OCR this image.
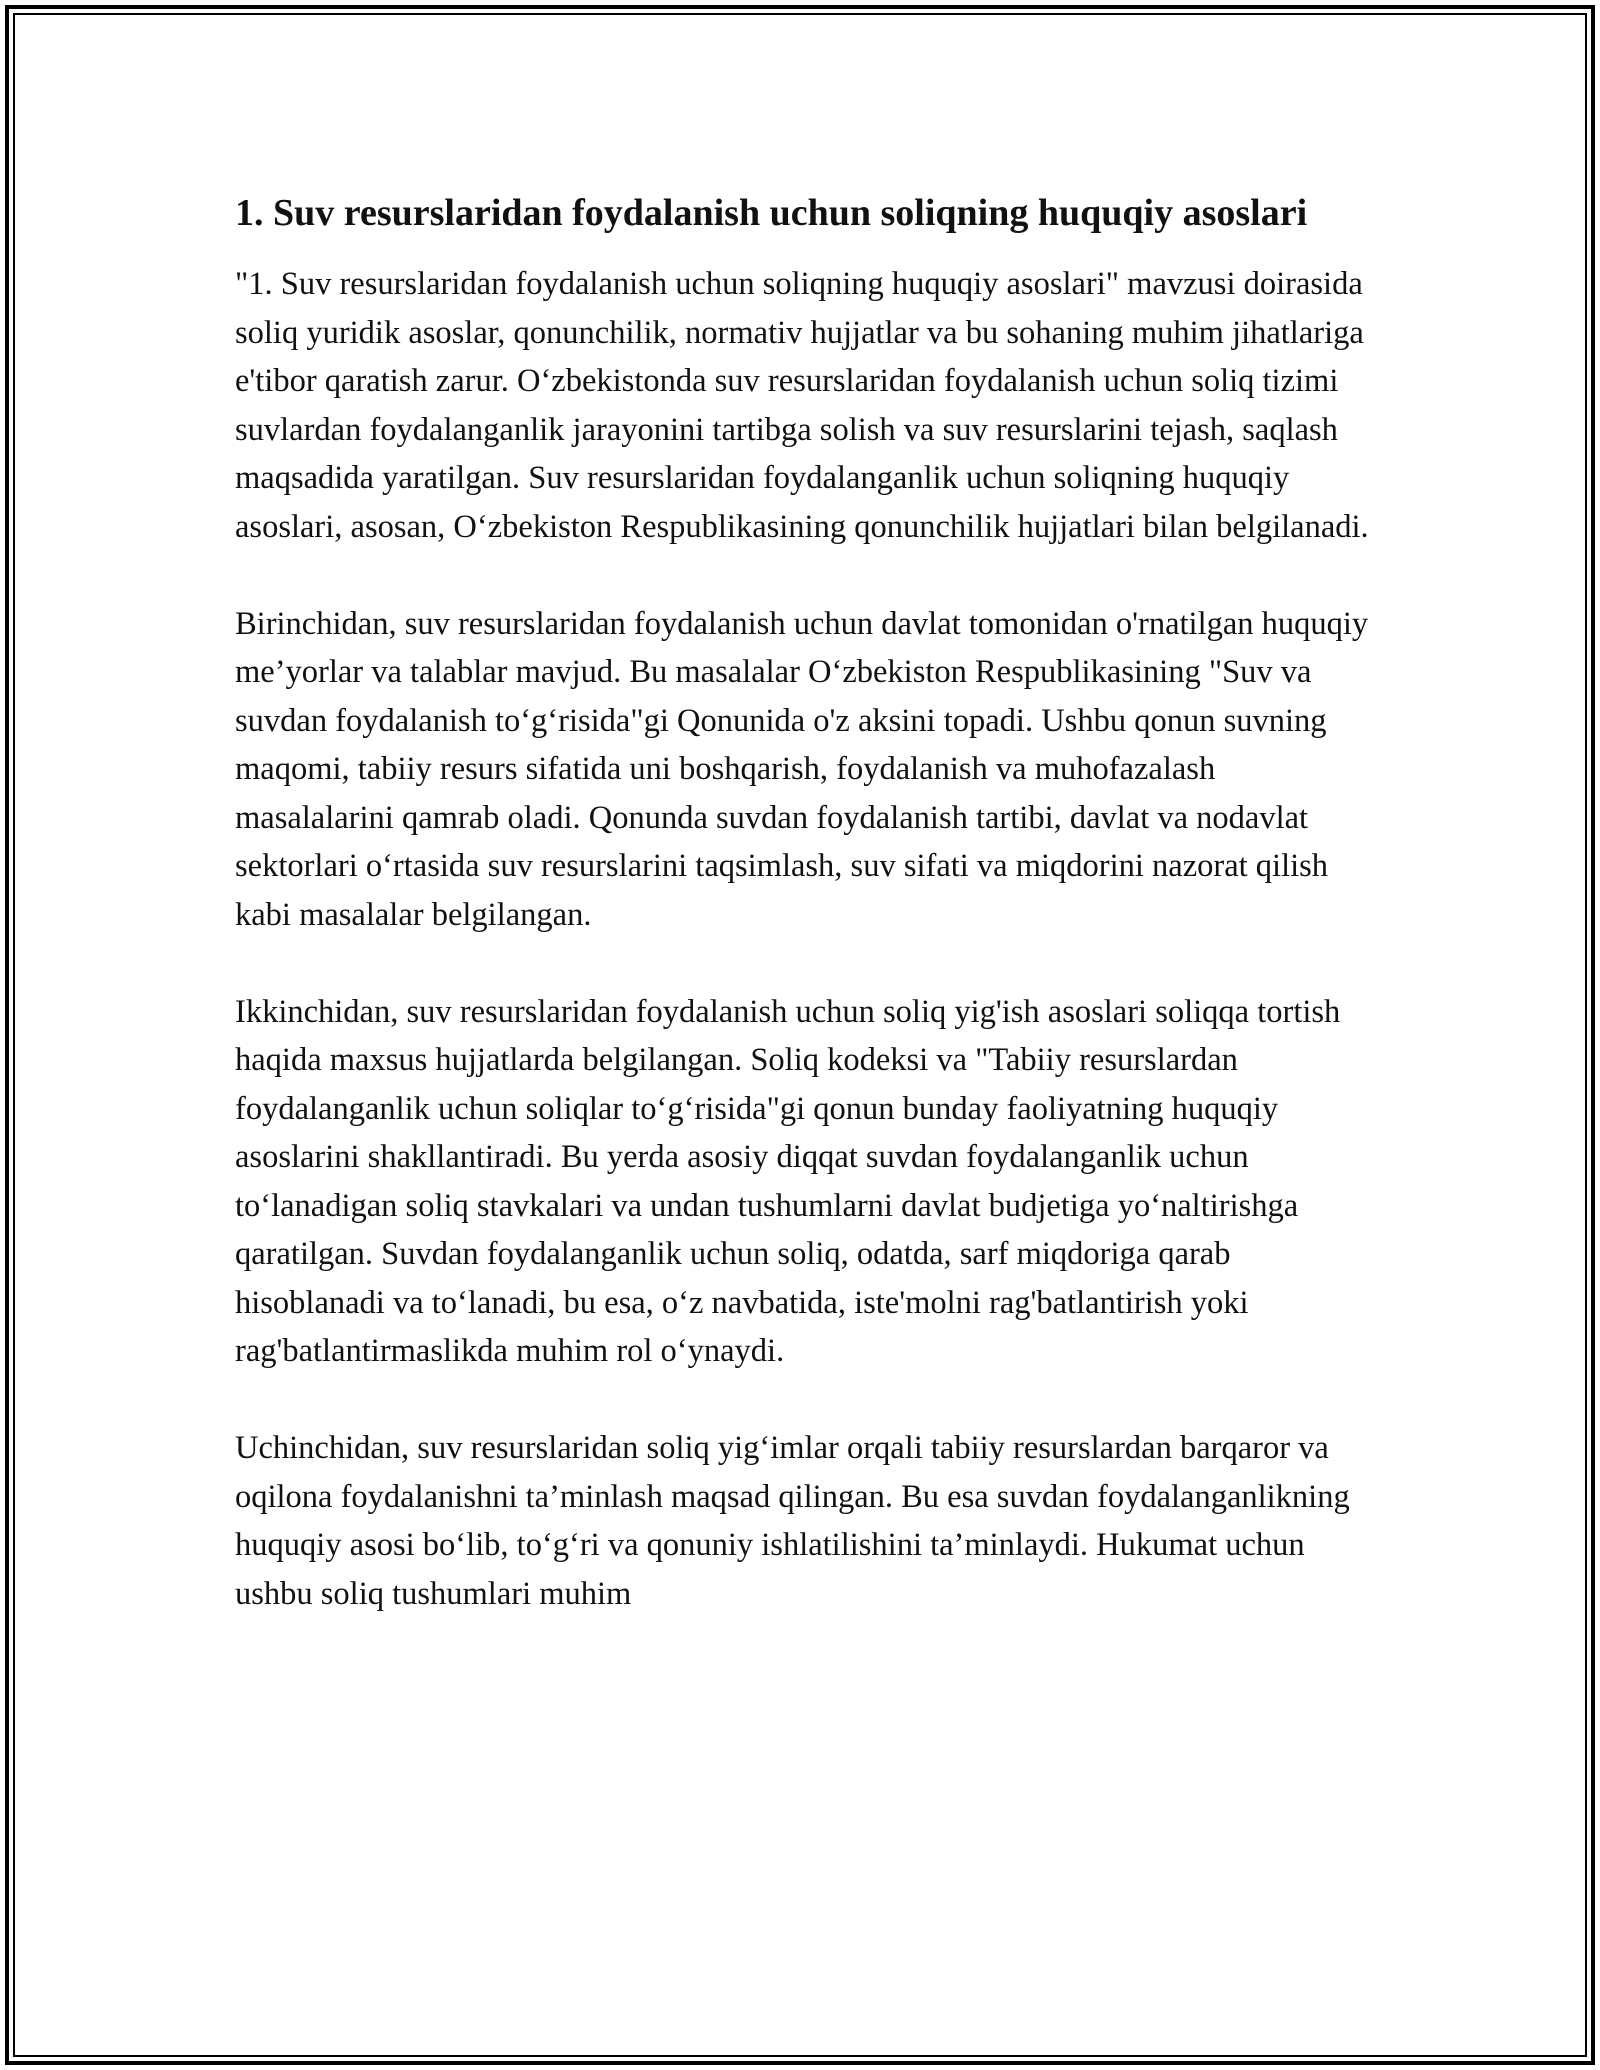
1. Suv resurslaridan foydalanish uchun soliqning huquqiy asoslari

"1. Suv resurslaridan foydalanish uchun soliqning huquqiy asoslari" mavzusi doirasida soliq yuridik asoslar, qonunchilik, normativ hujjatlar va bu sohaning muhim jihatlariga e'tibor qaratish zarur. O‘zbekistonda suv resurslaridan foydalanish uchun soliq tizimi suvlardan foydalanganlik jarayonini tartibga solish va suv resurslarini tejash, saqlash maqsadida yaratilgan. Suv resurslaridan foydalanganlik uchun soliqning huquqiy asoslari, asosan, O‘zbekiston Respublikasining qonunchilik hujjatlari bilan belgilanadi.

Birinchidan, suv resurslaridan foydalanish uchun davlat tomonidan o'rnatilgan huquqiy me’yorlar va talablar mavjud. Bu masalalar O‘zbekiston Respublikasining "Suv va suvdan foydalanish to‘g‘risida"gi Qonunida o'z aksini topadi. Ushbu qonun suvning maqomi, tabiiy resurs sifatida uni boshqarish, foydalanish va muhofazalash masalalarini qamrab oladi. Qonunda suvdan foydalanish tartibi, davlat va nodavlat sektorlari o‘rtasida suv resurslarini taqsimlash, suv sifati va miqdorini nazorat qilish kabi masalalar belgilangan.

Ikkinchidan, suv resurslaridan foydalanish uchun soliq yig'ish asoslari soliqqa tortish haqida maxsus hujjatlarda belgilangan. Soliq kodeksi va "Tabiiy resurslardan foydalanganlik uchun soliqlar to‘g‘risida"gi qonun bunday faoliyatning huquqiy asoslarini shakllantiradi. Bu yerda asosiy diqqat suvdan foydalanganlik uchun to‘lanadigan soliq stavkalari va undan tushumlarni davlat budjetiga yo‘naltirishga qaratilgan. Suvdan foydalanganlik uchun soliq, odatda, sarf miqdoriga qarab hisoblanadi va to‘lanadi, bu esa, o‘z navbatida, iste'molni rag'batlantirish yoki rag'batlantirmaslikda muhim rol o‘ynaydi.

Uchinchidan, suv resurslaridan soliq yig‘imlar orqali tabiiy resurslardan barqaror va oqilona foydalanishni ta’minlash maqsad qilingan. Bu esa suvdan foydalanganlikning huquqiy asosi bo‘lib, to‘g‘ri va qonuniy ishlatilishini ta’minlaydi. Hukumat uchun ushbu soliq tushumlari muhim
